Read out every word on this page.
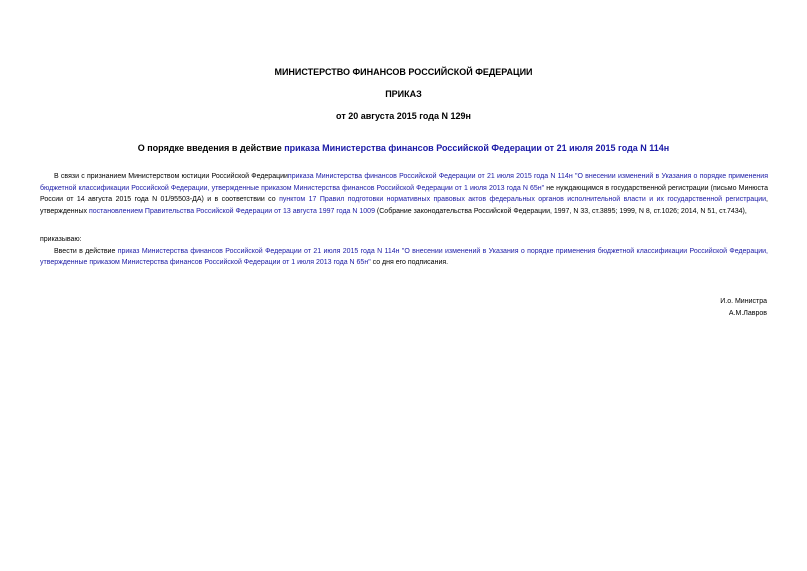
МИНИСТЕРСТВО ФИНАНСОВ РОССИЙСКОЙ ФЕДЕРАЦИИ
ПРИКАЗ
от 20 августа 2015 года N 129н
О порядке введения в действие приказа Министерства финансов Российской Федерации от 21 июля 2015 года N 114н

В связи с признанием Министерством юстиции Российской Федерацииприказа Министерства финансов Российской Федерации от 21 июля 2015 года N 114н "О внесении изменений в Указания о порядке применения бюджетной классификации Российской Федерации, утвержденные приказом Министерства финансов Российской Федерации от 1 июля 2013 года N 65н" не нуждающимся в государственной регистрации (письмо Минюста России от 14 августа 2015 года N 01/95503-ДА) и в соответствии со пунктом 17 Правил подготовки нормативных правовых актов федеральных органов исполнительной власти и их государственной регистрации, утвержденных постановлением Правительства Российской Федерации от 13 августа 1997 года N 1009 (Собрание законодательства Российской Федерации, 1997, N 33, ст.3895; 1999, N 8, ст.1026; 2014, N 51, ст.7434),

приказываю:

Ввести в действие приказ Министерства финансов Российской Федерации от 21 июля 2015 года N 114н "О внесении изменений в Указания о порядке применения бюджетной классификации Российской Федерации, утвержденные приказом Министерства финансов Российской Федерации от 1 июля 2013 года N 65н" со дня его подписания.

И.о. Министра
А.М.Лавров
